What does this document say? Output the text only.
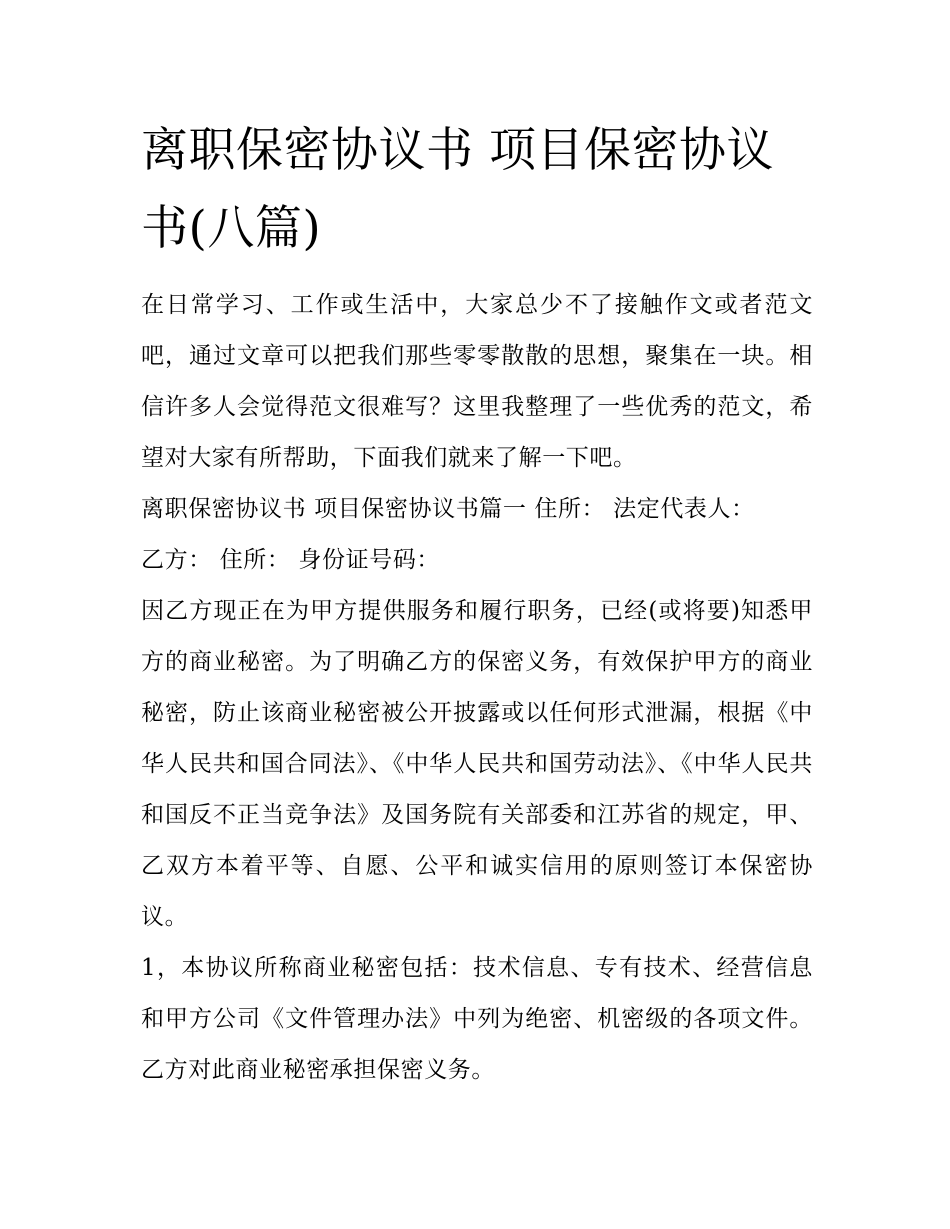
离职保密协议书 项目保密协议书(八篇)

在日常学习、工作或生活中，大家总少不了接触作文或者范文吧，通过文章可以把我们那些零零散散的思想，聚集在一块。相信许多人会觉得范文很难写？这里我整理了一些优秀的范文，希望对大家有所帮助，下面我们就来了解一下吧。

离职保密协议书 项目保密协议书篇一 住所： 法定代表人：

乙方： 住所： 身份证号码：

因乙方现正在为甲方提供服务和履行职务，已经(或将要)知悉甲方的商业秘密。为了明确乙方的保密义务，有效保护甲方的商业秘密，防止该商业秘密被公开披露或以任何形式泄漏，根据《中华人民共和国合同法》、《中华人民共和国劳动法》、《中华人民共和国反不正当竞争法》及国务院有关部委和江苏省的规定，甲、乙双方本着平等、自愿、公平和诚实信用的原则签订本保密协议。

1，本协议所称商业秘密包括：技术信息、专有技术、经营信息和甲方公司《文件管理办法》中列为绝密、机密级的各项文件。乙方对此商业秘密承担保密义务。
